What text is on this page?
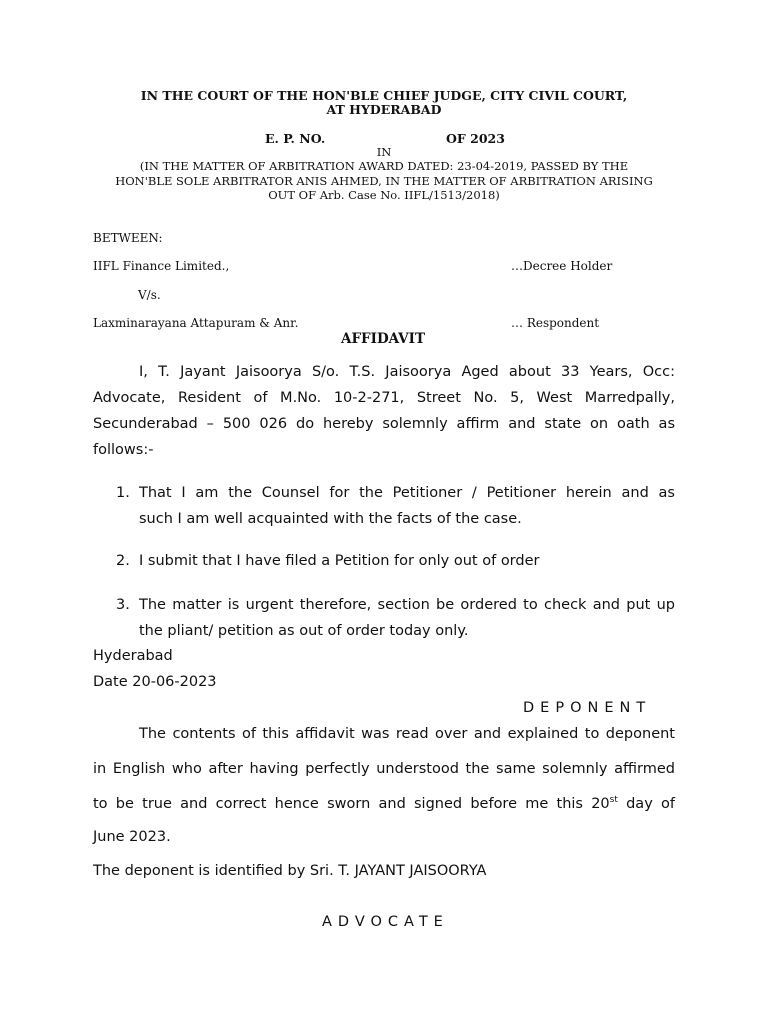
IN THE COURT OF THE HON'BLE CHIEF JUDGE, CITY CIVIL COURT,
AT HYDERABAD
E. P. NO.	OF 2023
IN
(IN THE MATTER OF ARBITRATION AWARD DATED: 23-04-2019, PASSED BY THE
HON'BLE SOLE ARBITRATOR ANIS AHMED, IN THE MATTER OF ARBITRATION ARISING
OUT OF Arb. Case No. IIFL/1513/2018)
BETWEEN:
IIFL Finance Limited.,	…Decree Holder
V/s.
Laxminarayana Attapuram & Anr.	… Respondent
AFFIDAVIT
I, T. Jayant Jaisoorya S/o. T.S. Jaisoorya Aged about 33 Years, Occ:
Advocate, Resident of M.No. 10-2-271, Street No. 5, West Marredpally,
Secunderabad – 500 026 do hereby solemnly affirm and state on oath as
follows:-
1. That I am the Counsel for the Petitioner / Petitioner herein and as
such I am well acquainted with the facts of the case.
2. I submit that I have filed a Petition for only out of order
3. The matter is urgent therefore, section be ordered to check and put up
the pliant/ petition as out of order today only.
Hyderabad
Date 20-06-2023
DEPONENT
The contents of this affidavit was read over and explained to deponent
in English who after having perfectly understood the same solemnly affirmed
to be true and correct hence sworn and signed before me this 20st day of
June 2023.
The deponent is identified by Sri. T. JAYANT JAISOORYA
ADVOCATE
